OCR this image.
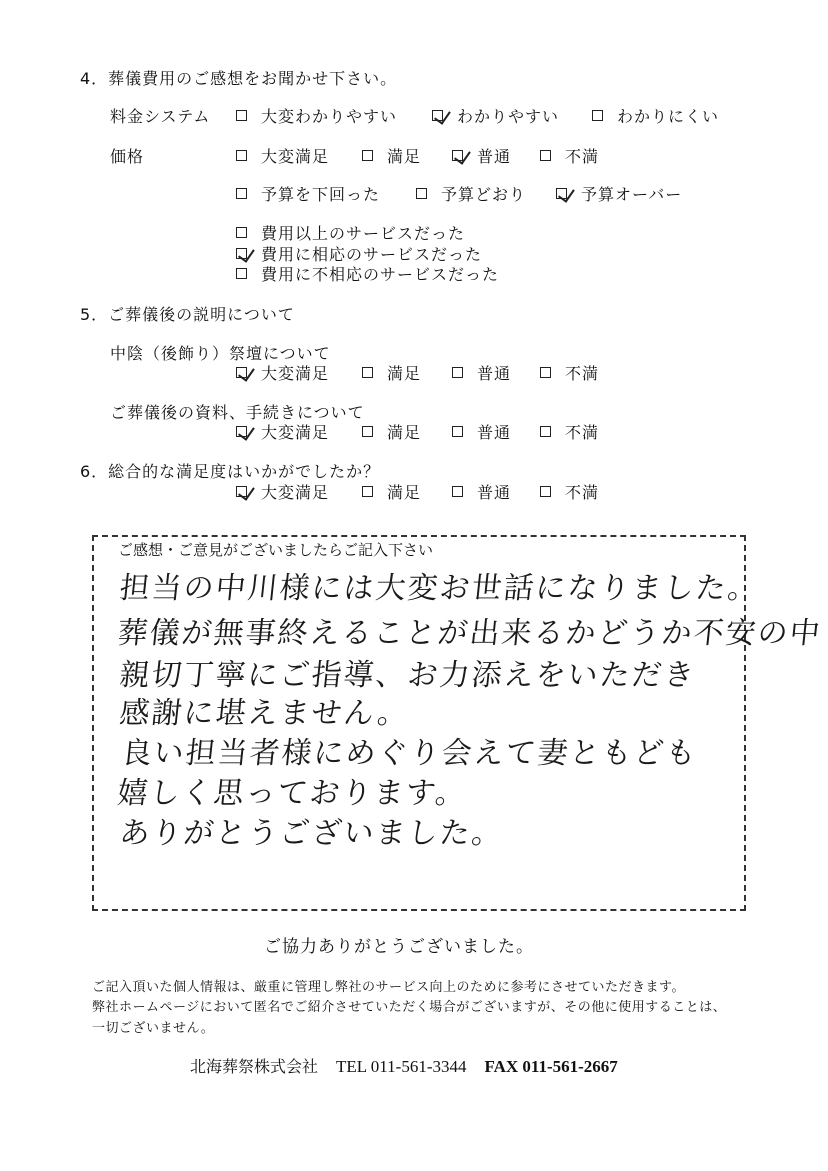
4．葬儀費用のご感想をお聞かせ下さい。
料金システム	大変わかりやすい	わかりやすい	わかりにくい
価格	大変満足	満足	普通	不満
予算を下回った	予算どおり	予算オーバー
費用以上のサービスだった
費用に相応のサービスだった
費用に不相応のサービスだった
5．ご葬儀後の説明について
中陰（後飾り）祭壇について
大変満足	満足	普通	不満
ご葬儀後の資料、手続きについて
大変満足	満足	普通	不満
6．総合的な満足度はいかがでしたか？
大変満足	満足	普通	不満
ご感想・ご意見がございましたらご記入下さい
担当の中川様には大変お世話になりました。
葬儀が無事終えることが出来るかどうか不安の中
親切丁寧にご指導、お力添えをいただき
感謝に堪えません。
良い担当者様にめぐり会えて妻ともども
嬉しく思っております。
ありがとうございました。
ご協力ありがとうございました。
ご記入頂いた個人情報は、厳重に管理し弊社のサービス向上のために参考にさせていただきます。
弊社ホームページにおいて匿名でご紹介させていただく場合がございますが、その他に使用することは、
一切ございません。
北海葬祭株式会社 TEL 011-561-3344 FAX 011-561-2667
